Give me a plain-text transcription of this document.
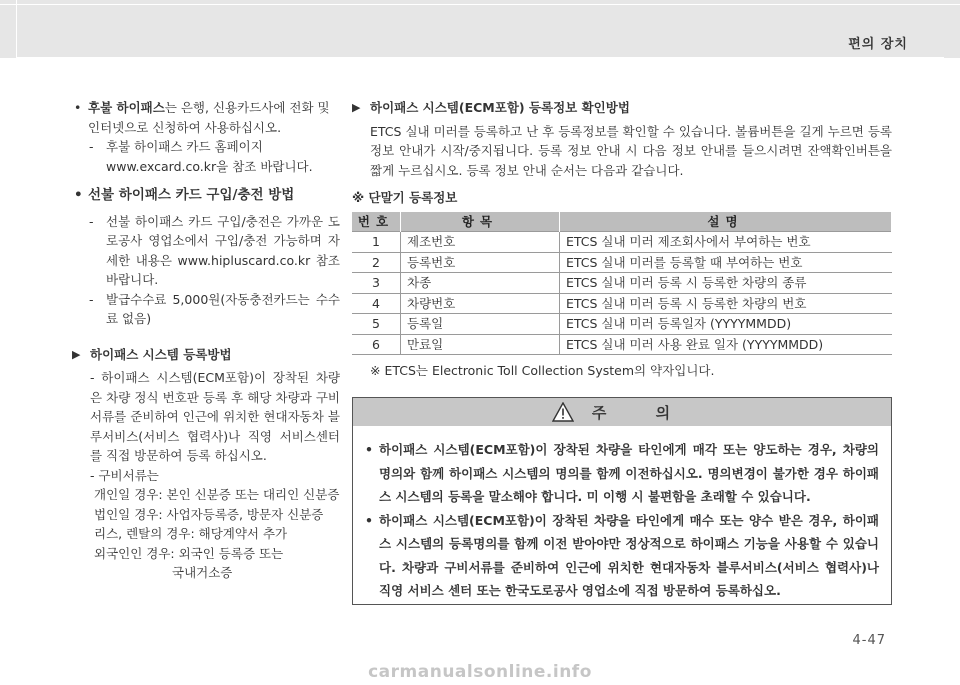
편의 장치
• 후불 하이패스는 은행, 신용카드사에 전화 및 인터넷으로 신청하여 사용하십시오.
- 후불 하이패스 카드 홈페이지
www.excard.co.kr을 참조 바랍니다.
• 선불 하이패스 카드 구입/충전 방법
- 선불 하이패스 카드 구입/충전은 가까운 도로공사 영업소에서 구입/충전 가능하며 자세한 내용은 www.hipluscard.co.kr 참조바랍니다.
- 발급수수료 5,000원(자동충전카드는 수수료 없음)
▶ 하이패스 시스템 등록방법
- 하이패스 시스템(ECM포함)이 장착된 차량은 차량 정식 번호판 등록 후 해당 차량과 구비 서류를 준비하여 인근에 위치한 현대자동차 블루서비스(서비스 협력사)나 직영 서비스센터를 직접 방문하여 등록 하십시오.
- 구비서류는
개인일 경우: 본인 신분증 또는 대리인 신분증
법인일 경우: 사업자등록증, 방문자 신분증
리스, 렌탈의 경우: 해당계약서 추가
외국인인 경우: 외국인 등록증 또는
국내거소증
▶ 하이패스 시스템(ECM포함) 등록정보 확인방법
ETCS 실내 미러를 등록하고 난 후 등록정보를 확인할 수 있습니다. 볼륨버튼을 길게 누르면 등록 정보 안내가 시작/중지됩니다. 등록 정보 안내 시 다음 정보 안내를 들으시려면 잔액확인버튼을 짧게 누르십시오. 등록 정보 안내 순서는 다음과 같습니다.
※ 단말기 등록정보
번호	항목	설명
1	제조번호	ETCS 실내 미러 제조회사에서 부여하는 번호
2	등록번호	ETCS 실내 미러를 등록할 때 부여하는 번호
3	차종	ETCS 실내 미러 등록 시 등록한 차량의 종류
4	차량번호	ETCS 실내 미러 등록 시 등록한 차량의 번호
5	등록일	ETCS 실내 미러 등록일자 (YYYYMMDD)
6	만료일	ETCS 실내 미러 사용 완료 일자 (YYYYMMDD)
※ ETCS는 Electronic Toll Collection System의 약자입니다.
주 의
• 하이패스 시스템(ECM포함)이 장착된 차량을 타인에게 매각 또는 양도하는 경우, 차량의 명의와 함께 하이패스 시스템의 명의를 함께 이전하십시오. 명의변경이 불가한 경우 하이패스 시스템의 등록을 말소해야 합니다. 미 이행 시 불편함을 초래할 수 있습니다.
• 하이패스 시스템(ECM포함)이 장착된 차량을 타인에게 매수 또는 양수 받은 경우, 하이패스 시스템의 등록명의를 함께 이전 받아야만 정상적으로 하이패스 기능을 사용할 수 있습니다. 차량과 구비서류를 준비하여 인근에 위치한 현대자동차 블루서비스(서비스 협력사)나 직영 서비스 센터 또는 한국도로공사 영업소에 직접 방문하여 등록하십오.
4-47
carmanualsonline.info
